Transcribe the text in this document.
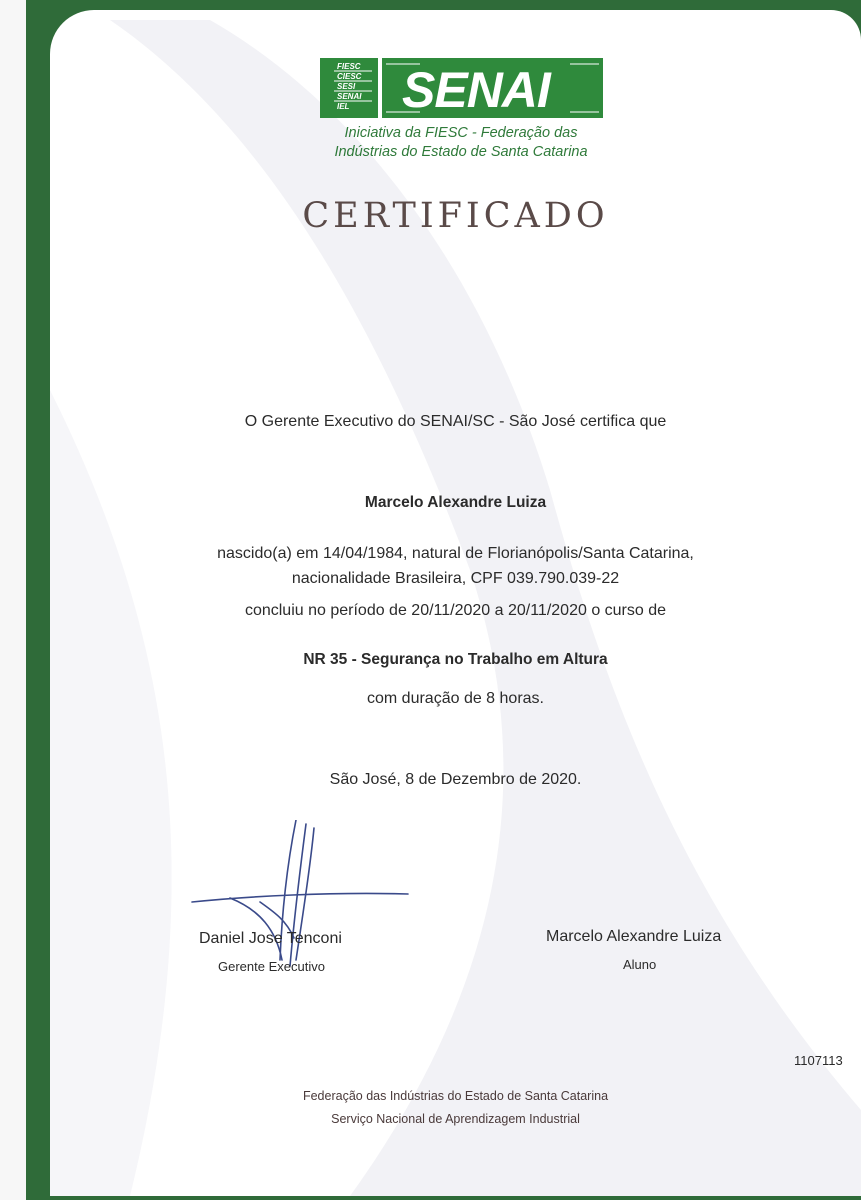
FIESC
CIESC
SESI
SENAI
IEL SENAI
Iniciativa da FIESC - Federação das
Indústrias do Estado de Santa Catarina
CERTIFICADO
O Gerente Executivo do SENAI/SC - São José certifica que
Marcelo Alexandre Luiza
nascido(a) em 14/04/1984, natural de Florianópolis/Santa Catarina,
nacionalidade Brasileira, CPF 039.790.039-22
concluiu no período de 20/11/2020 a 20/11/2020 o curso de
NR 35 - Segurança no Trabalho em Altura
com duração de 8 horas.
São José, 8 de Dezembro de 2020.
Daniel Jose Tenconi
Gerente Executivo
Marcelo Alexandre Luiza
Aluno
1107113
Federação das Indústrias do Estado de Santa Catarina
Serviço Nacional de Aprendizagem Industrial
